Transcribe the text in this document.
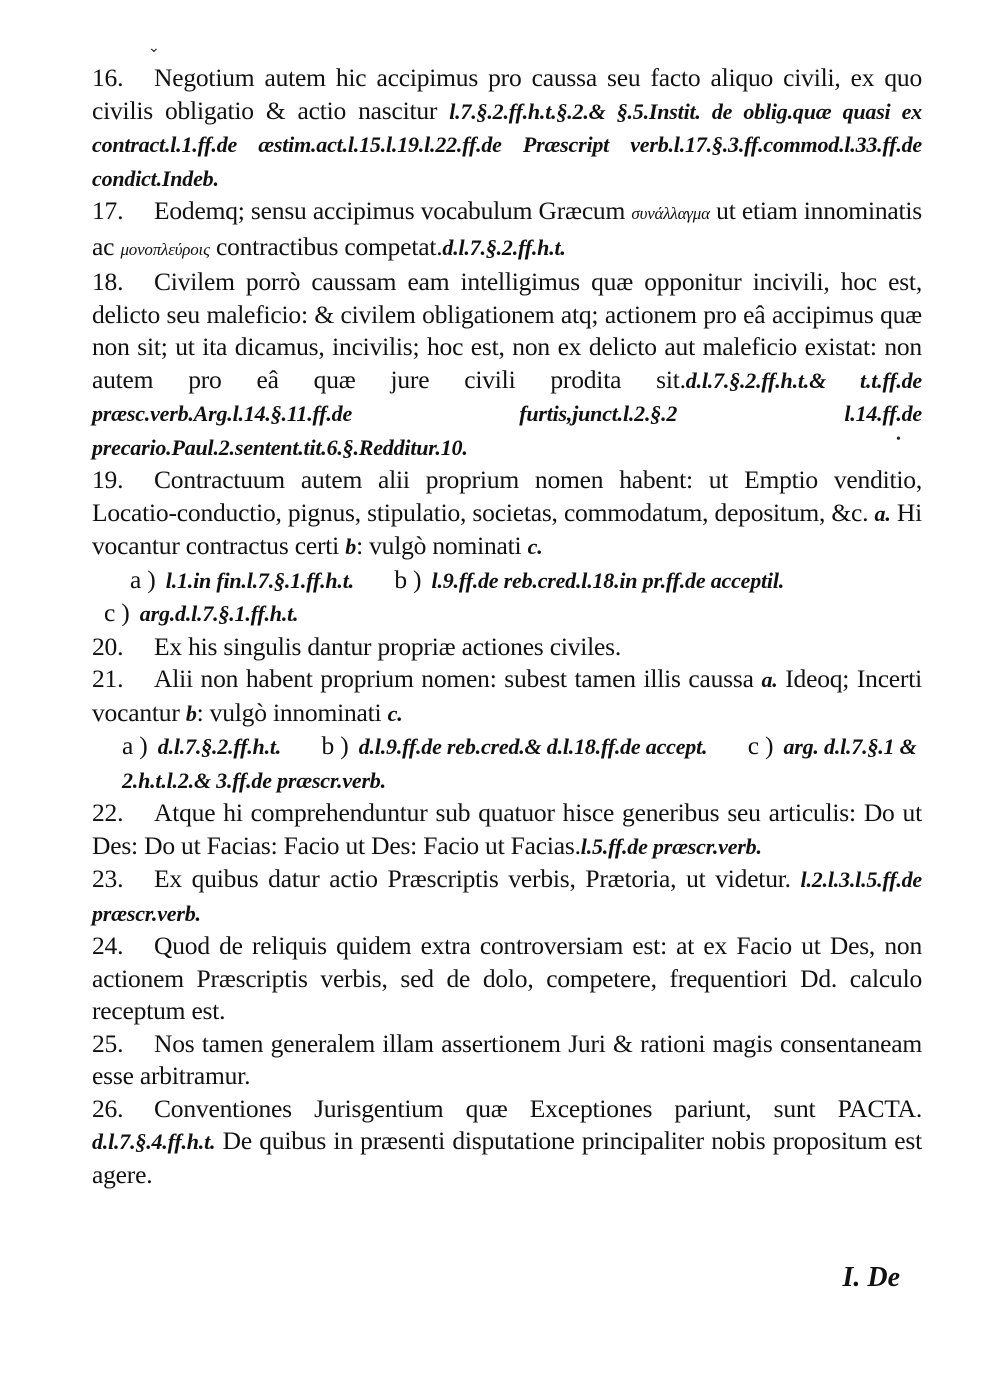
16. Negotium autem hic accipimus pro caussa seu facto aliquo civili, ex quo civilis obligatio & actio nascitur l.7.§.2.ff.h.t.§.2.& §.5.Instit. de oblig.quæ quasi ex contract.l.1.ff.de æstim.act.l.15.l.19.l.22.ff.de Præscript verb.l.17.§.3.ff.commod.l.33.ff.de condict.Indeb.

17. Eodemq; sensu accipimus vocabulum Græcum συνάλλαγμα ut etiam innominatis ac μονοπλεύροις contractibus competat.d.l.7.§.2.ff.h.t.

18. Civilem porrò caussam eam intelligimus quæ opponitur incivili, hoc est, delicto seu maleficio: & civilem obligationem atq; actionem pro eâ accipimus quæ non sit; ut ita dicamus, incivilis; hoc est, non ex delicto aut maleficio existat: non autem pro eâ quæ jure civili prodita sit.d.l.7.§.2.ff.h.t.& t.t.ff.de præsc.verb.Arg.l.14.§.11.ff.de furtis,junct.l.2.§.2 l.14.ff.de precario.Paul.2.sentent.tit.6.§.Redditur.10.

19. Contractuum autem alii proprium nomen habent: ut Emptio venditio, Locatio-conductio, pignus, stipulatio, societas, commodatum, depositum, &c. a. Hi vocantur contractus certi b: vulgò nominati c.

a ) l.1.in fin.l.7.§.1.ff.h.t. b ) l.9.ff.de reb.cred.l.18.in pr.ff.de acceptil.

c ) arg.d.l.7.§.1.ff.h.t.

20. Ex his singulis dantur propriæ actiones civiles.

21. Alii non habent proprium nomen: subest tamen illis caussa a. Ideoq; Incerti vocantur b: vulgò innominati c.

a ) d.l.7.§.2.ff.h.t. b ) d.l.9.ff.de reb.cred.& d.l.18.ff.de accept. c ) arg. d.l.7.§.1 & 2.h.t.l.2.& 3.ff.de præscr.verb.

22. Atque hi comprehenduntur sub quatuor hisce generibus seu articulis: Do ut Des: Do ut Facias: Facio ut Des: Facio ut Facias.l.5.ff.de præscr.verb.

23. Ex quibus datur actio Præscriptis verbis, Prætoria, ut videtur. l.2.l.3.l.5.ff.de præscr.verb.

24. Quod de reliquis quidem extra controversiam est: at ex Facio ut Des, non actionem Præscriptis verbis, sed de dolo, competere, frequentiori Dd. calculo receptum est.

25. Nos tamen generalem illam assertionem Juri & rationi magis consentaneam esse arbitramur.

26. Conventiones Jurisgentium quæ Exceptiones pariunt, sunt PACTA. d.l.7.§.4.ff.h.t. De quibus in præsenti disputatione principaliter nobis propositum est agere.

I. De
⌄
•
